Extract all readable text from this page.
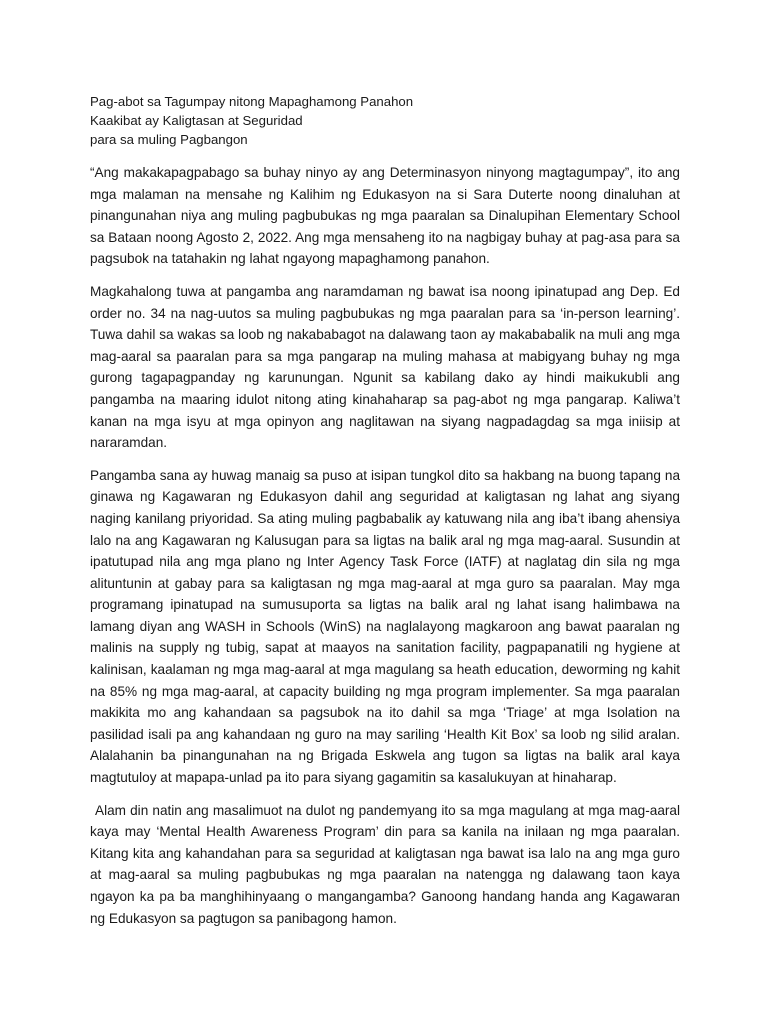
Pag-abot sa Tagumpay nitong Mapaghamong Panahon
Kaakibat ay Kaligtasan at Seguridad
para sa muling Pagbangon

“Ang makakapagpabago sa buhay ninyo ay ang Determinasyon ninyong magtagumpay”, ito ang mga malaman na mensahe ng Kalihim ng Edukasyon na si Sara Duterte noong dinaluhan at pinangunahan niya ang muling pagbubukas ng mga paaralan sa Dinalupihan Elementary School sa Bataan noong Agosto 2, 2022. Ang mga mensaheng ito na nagbigay buhay at pag-asa para sa pagsubok na tatahakin ng lahat ngayong mapaghamong panahon.

Magkahalong tuwa at pangamba ang naramdaman ng bawat isa noong ipinatupad ang Dep. Ed order no. 34 na nag-uutos sa muling pagbubukas ng mga paaralan para sa ‘in-person learning’. Tuwa dahil sa wakas sa loob ng nakababagot na dalawang taon ay makababalik na muli ang mga mag-aaral sa paaralan para sa mga pangarap na muling mahasa at mabigyang buhay ng mga gurong tagapagpanday ng karunungan. Ngunit sa kabilang dako ay hindi maikukubli ang pangamba na maaring idulot nitong ating kinahaharap sa pag-abot ng mga pangarap. Kaliwa’t kanan na mga isyu at mga opinyon ang naglitawan na siyang nagpadagdag sa mga iniisip at nararamdan.

Pangamba sana ay huwag manaig sa puso at isipan tungkol dito sa hakbang na buong tapang na ginawa ng Kagawaran ng Edukasyon dahil ang seguridad at kaligtasan ng lahat ang siyang naging kanilang priyoridad. Sa ating muling pagbabalik ay katuwang nila ang iba’t ibang ahensiya lalo na ang Kagawaran ng Kalusugan para sa ligtas na balik aral ng mga mag-aaral. Susundin at ipatutupad nila ang mga plano ng Inter Agency Task Force (IATF) at naglatag din sila ng mga alituntunin at gabay para sa kaligtasan ng mga mag-aaral at mga guro sa paaralan. May mga programang ipinatupad na sumusuporta sa ligtas na balik aral ng lahat isang halimbawa na lamang diyan ang WASH in Schools (WinS) na naglalayong magkaroon ang bawat paaralan ng malinis na supply ng tubig, sapat at maayos na sanitation facility, pagpapanatili ng hygiene at kalinisan, kaalaman ng mga mag-aaral at mga magulang sa heath education, deworming ng kahit na 85% ng mga mag-aaral, at capacity building ng mga program implementer. Sa mga paaralan makikita mo ang kahandaan sa pagsubok na ito dahil sa mga ‘Triage’ at mga Isolation na pasilidad isali pa ang kahandaan ng guro na may sariling ‘Health Kit Box’ sa loob ng silid aralan. Alalahanin ba pinangunahan na ng Brigada Eskwela ang tugon sa ligtas na balik aral kaya magtutuloy at mapapa-unlad pa ito para siyang gagamitin sa kasalukuyan at hinaharap.

Alam din natin ang masalimuot na dulot ng pandemyang ito sa mga magulang at mga mag-aaral kaya may ‘Mental Health Awareness Program’ din para sa kanila na inilaan ng mga paaralan. Kitang kita ang kahandahan para sa seguridad at kaligtasan nga bawat isa lalo na ang mga guro at mag-aaral sa muling pagbubukas ng mga paaralan na natengga ng dalawang taon kaya ngayon ka pa ba manghihinyaang o mangangamba? Ganoong handang handa ang Kagawaran ng Edukasyon sa pagtugon sa panibagong hamon.
